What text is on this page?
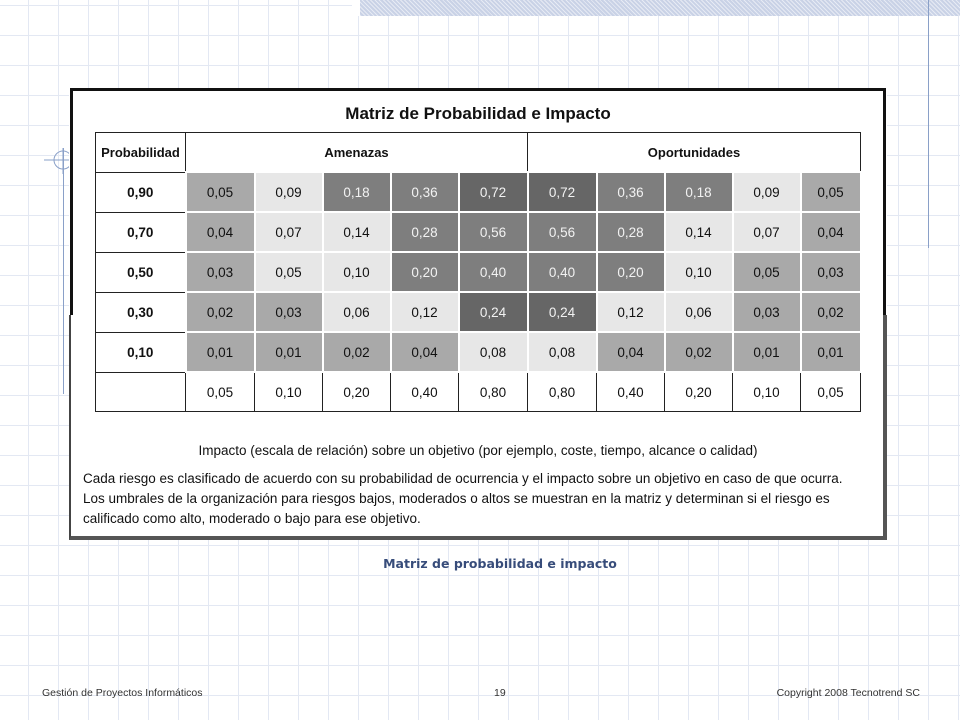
Matriz de Probabilidad e Impacto
Probabilidad	Amenazas					Oportunidades				
0,90	0,05	0,09	0,18	0,36	0,72	0,72	0,36	0,18	0,09	0,05
0,70	0,04	0,07	0,14	0,28	0,56	0,56	0,28	0,14	0,07	0,04
0,50	0,03	0,05	0,10	0,20	0,40	0,40	0,20	0,10	0,05	0,03
0,30	0,02	0,03	0,06	0,12	0,24	0,24	0,12	0,06	0,03	0,02
0,10	0,01	0,01	0,02	0,04	0,08	0,08	0,04	0,02	0,01	0,01
	0,05	0,10	0,20	0,40	0,80	0,80	0,40	0,20	0,10	0,05
Impacto (escala de relación) sobre un objetivo (por ejemplo, coste, tiempo, alcance o calidad)
Cada riesgo es clasificado de acuerdo con su probabilidad de ocurrencia y el impacto sobre un objetivo en caso de que ocurra.
Los umbrales de la organización para riesgos bajos, moderados o altos se muestran en la matriz y determinan si el riesgo es
calificado como alto, moderado o bajo para ese objetivo.
Matriz de probabilidad e impacto
Gestión de Proyectos Informáticos	19	Copyright 2008 Tecnotrend SC
